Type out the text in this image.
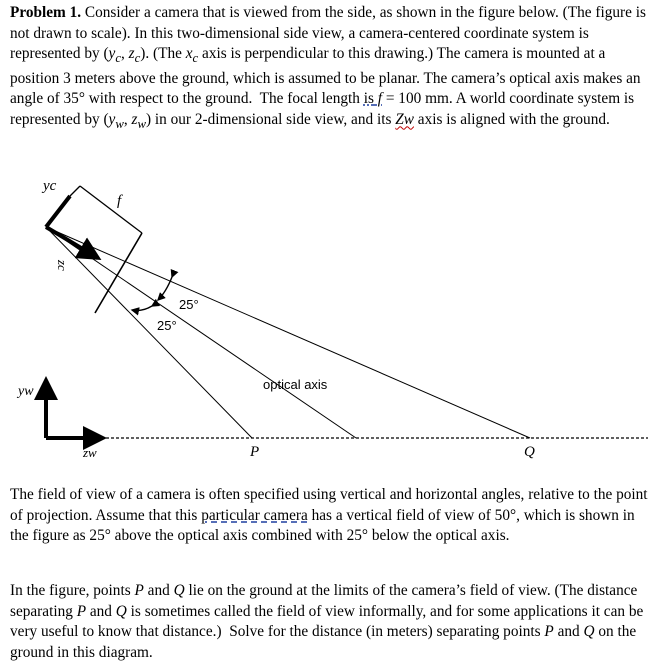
Problem 1. Consider a camera that is viewed from the side, as shown in the figure below. (The figure is not drawn to scale). In this two-dimensional side view, a camera-centered coordinate system is represented by ($y_c$, $z_c$). (The $x_c$ axis is perpendicular to this drawing.) The camera is mounted at a position 3 meters above the ground, which is assumed to be planar. The camera’s optical axis makes an angle of 35° with respect to the ground.  The focal length is f = 100 mm. A world coordinate system is represented by ($y_w$, $z_w$) in our 2-dimensional side view, and its Zw axis is aligned with the ground.

yc
f
zc
25°
25°
optical axis
yw
zw	P	Q

The field of view of a camera is often specified using vertical and horizontal angles, relative to the point of projection. Assume that this particular camera has a vertical field of view of 50°, which is shown in the figure as 25° above the optical axis combined with 25° below the optical axis.

In the figure, points P and Q lie on the ground at the limits of the camera’s field of view. (The distance separating P and Q is sometimes called the field of view informally, and for some applications it can be very useful to know that distance.)  Solve for the distance (in meters) separating points P and Q on the ground in this diagram.
